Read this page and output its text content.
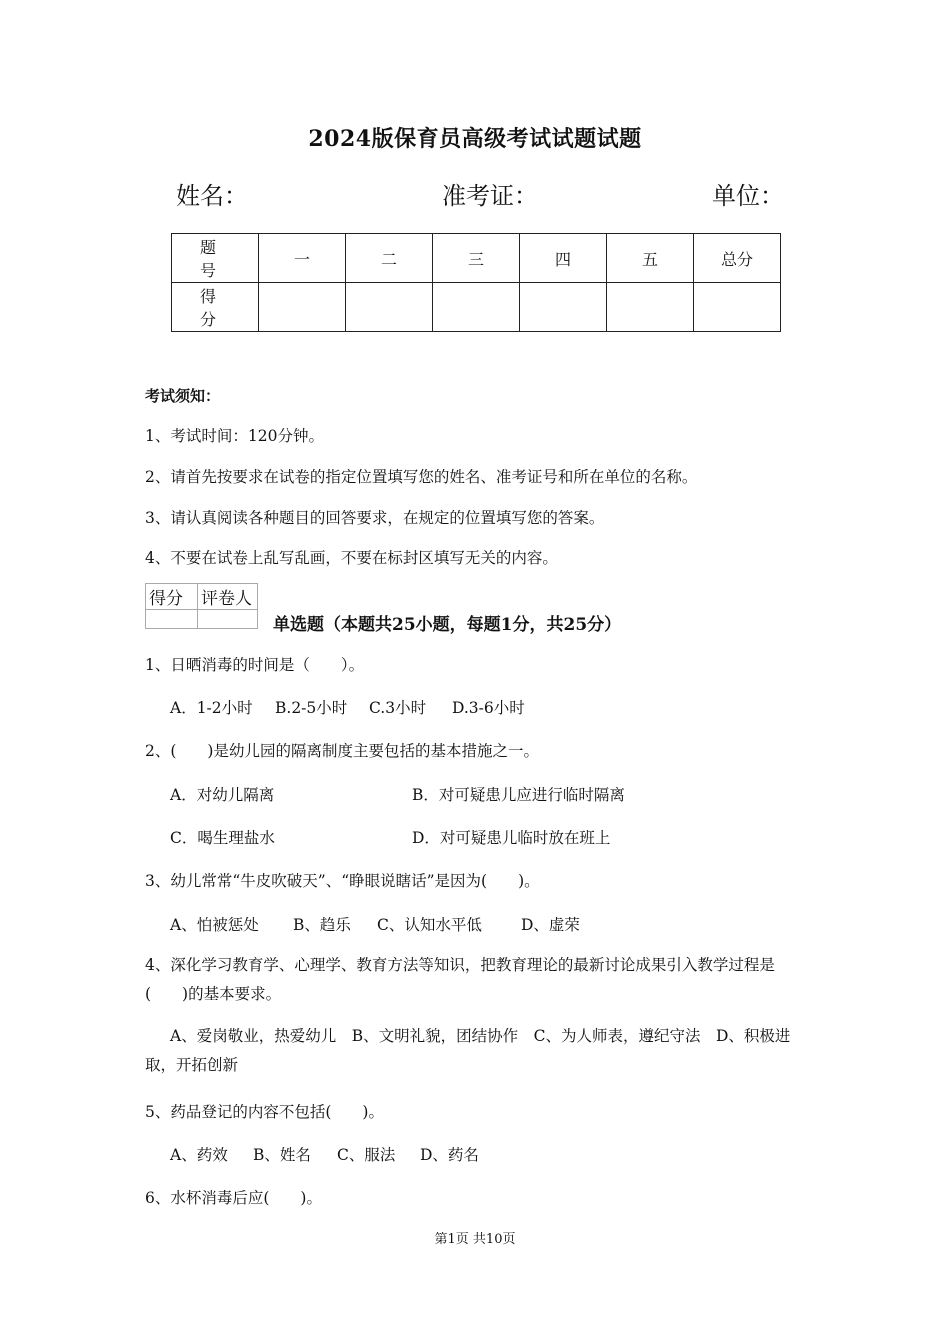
2024版保育员高级考试试题试题
姓名：	准考证：	单位：
题　号	一	二	三	四	五	总分
得　分						
考试须知：
1、考试时间：120分钟。
2、请首先按要求在试卷的指定位置填写您的姓名、准考证号和所在单位的名称。
3、请认真阅读各种题目的回答要求，在规定的位置填写您的答案。
4、不要在试卷上乱写乱画，不要在标封区填写无关的内容。
得分	评卷人

单选题（本题共25小题，每题1分，共25分）
1、日晒消毒的时间是（　　）。
A．1-2小时 B.2-5小时 C.3小时 D.3-6小时
2、(　　)是幼儿园的隔离制度主要包括的基本措施之一。
A．对幼儿隔离	B．对可疑患儿应进行临时隔离
C．喝生理盐水	D．对可疑患儿临时放在班上
3、幼儿常常“牛皮吹破天”、“睁眼说瞎话”是因为(　　)。
A、怕被惩处 B、趋乐 C、认知水平低	D、虚荣
4、深化学习教育学、心理学、教育方法等知识，把教育理论的最新讨论成果引入教学过程是(　　)的基本要求。
A、爱岗敬业，热爱幼儿　B、文明礼貌，团结协作　C、为人师表，遵纪守法　D、积极进取，开拓创新
5、药品登记的内容不包括(　　)。
A、药效 B、姓名 C、服法 D、药名
6、水杯消毒后应(　　)。
第1页 共10页
